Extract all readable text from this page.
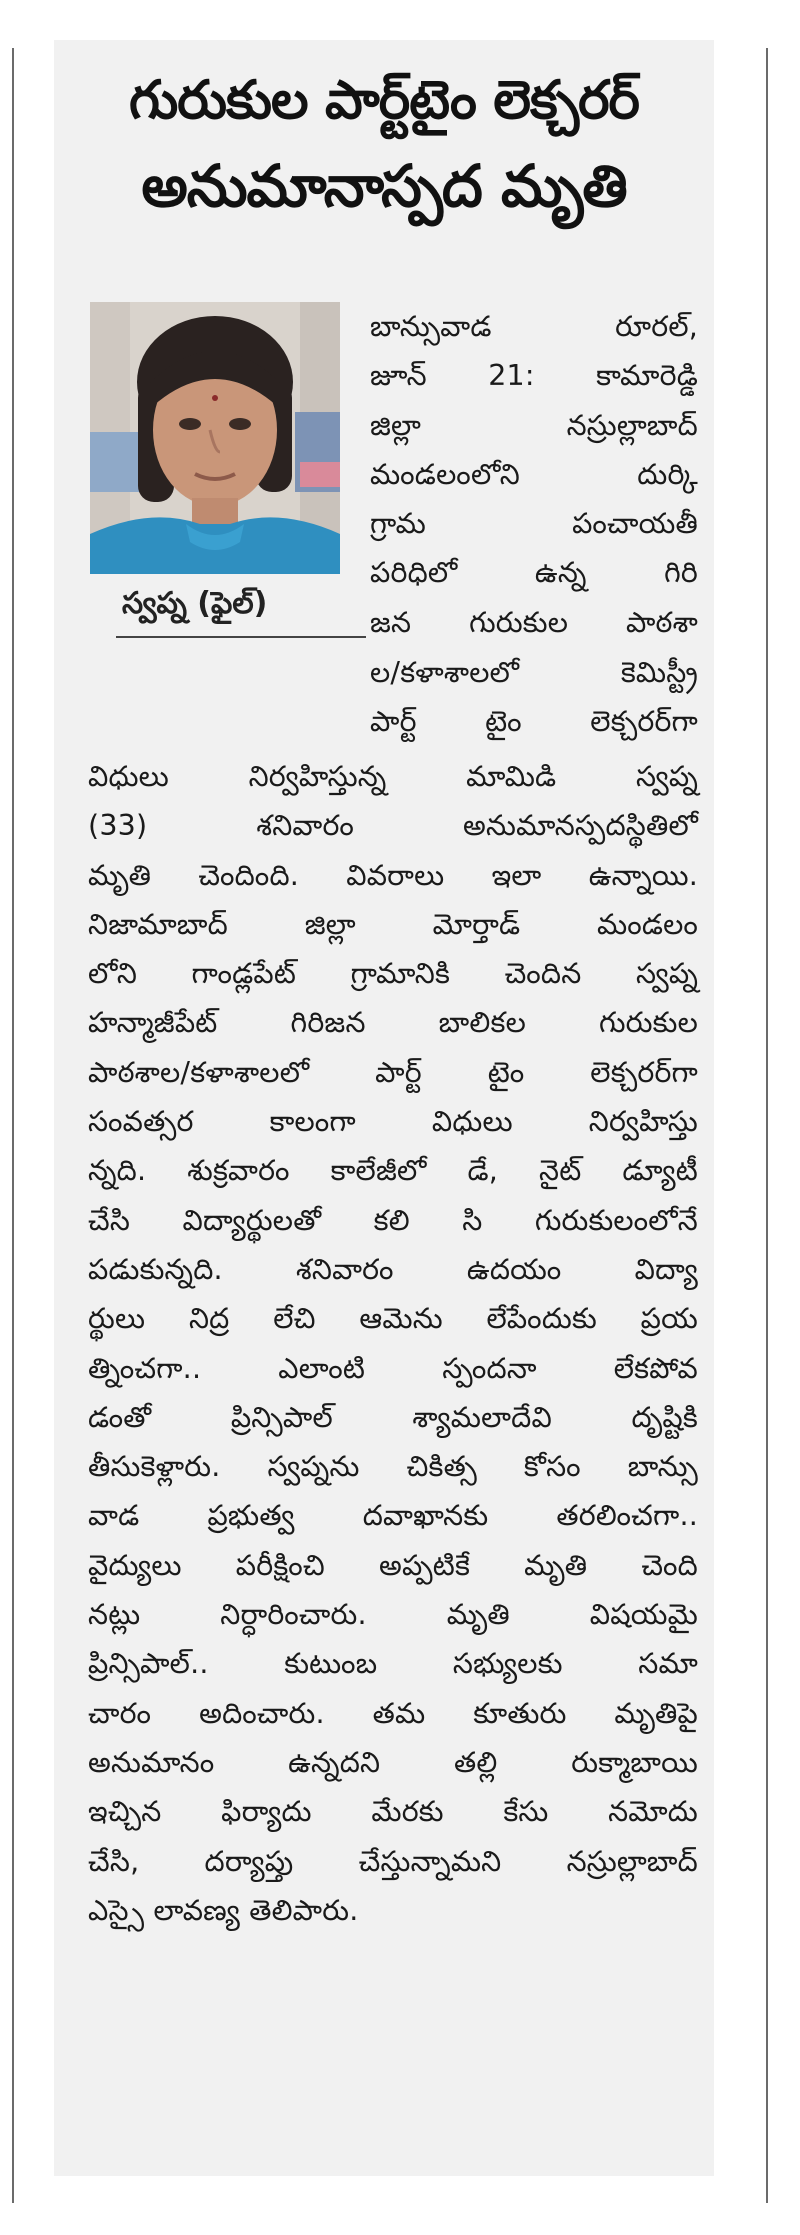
గురుకుల పార్ట్‌టైం లెక్చరర్
అనుమానాస్పద మృతి
బాన్సువాడ రూరల్,
జూన్ 21: కామారెడ్డి
జిల్లా నస్రుల్లాబాద్
మండలంలోని దుర్కి
గ్రామ పంచాయతీ
పరిధిలో ఉన్న గిరి
జన గురుకుల పాఠశా
స్వప్న (ఫైల్)
ల/కళాశాలలో కెమిస్ట్రీ
పార్ట్ టైం లెక్చరర్‌గా
విధులు నిర్వహిస్తున్న మామిడి స్వప్న
(33) శనివారం అనుమానస్పదస్థితిలో
మృతి చెందింది. వివరాలు ఇలా ఉన్నాయి.
నిజామాబాద్ జిల్లా మోర్తాడ్ మండలం
లోని గాండ్లపేట్ గ్రామానికి చెందిన స్వప్న
హన్మాజీపేట్ గిరిజన బాలికల గురుకుల
పాఠశాల/కళాశాలలో పార్ట్ టైం లెక్చరర్‌గా
సంవత్సర కాలంగా విధులు నిర్వహిస్తు
న్నది. శుక్రవారం కాలేజీలో డే, నైట్ డ్యూటీ
చేసి విద్యార్థులతో కలి సి గురుకులంలోనే
పడుకున్నది. శనివారం ఉదయం విద్యా
ర్థులు నిద్ర లేచి ఆమెను లేపేందుకు ప్రయ
త్నించగా.. ఎలాంటి స్పందనా లేకపోవ
డంతో ప్రిన్సిపాల్ శ్యామలాదేవి దృష్టికి
తీసుకెళ్లారు. స్వప్నను చికిత్స కోసం బాన్సు
వాడ ప్రభుత్వ దవాఖానకు తరలించగా..
వైద్యులు పరీక్షించి అప్పటికే మృతి చెంది
నట్లు నిర్ధారించారు. మృతి విషయమై
ప్రిన్సిపాల్.. కుటుంబ సభ్యులకు సమా
చారం అదించారు. తమ కూతురు మృతిపై
అనుమానం ఉన్నదని తల్లి రుక్మాబాయి
ఇచ్చిన ఫిర్యాదు మేరకు కేసు నమోదు
చేసి, దర్యాప్తు చేస్తున్నామని నస్రుల్లాబాద్
ఎస్సై లావణ్య తెలిపారు.
